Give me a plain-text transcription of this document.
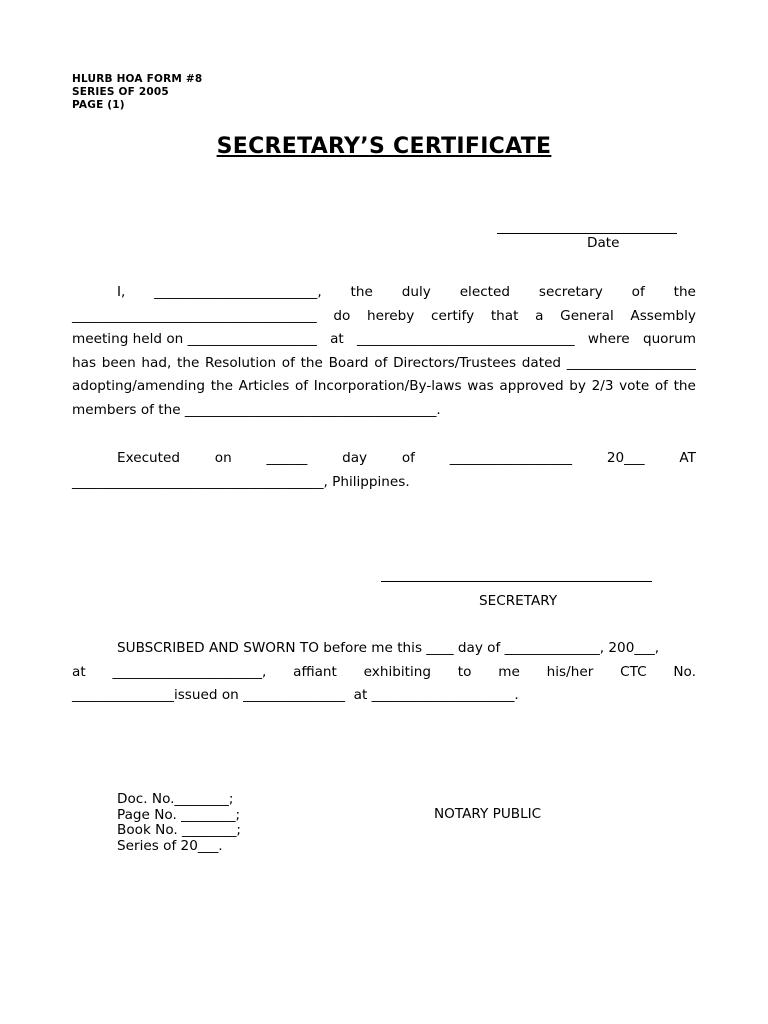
HLURB HOA FORM #8
SERIES OF 2005
PAGE (1)
SECRETARY’S CERTIFICATE
Date
I, ________________________, the duly elected secretary of the
____________________________________ do hereby certify that a General Assembly
meeting held on ___________________ at ________________________________ where quorum
has been had, the Resolution of the Board of Directors/Trustees dated ___________________
adopting/amending the Articles of Incorporation/By-laws was approved by 2/3 vote of the
members of the _____________________________________.
Executed	on	______	day	of	__________________	20___	AT
_____________________________________, Philippines.
SECRETARY
SUBSCRIBED AND SWORN TO before me this ____ day of ______________, 200___,
at ______________________, affiant exhibiting to me his/her CTC No.
_______________issued on _______________  at _____________________.
Doc. No.________;
Page No. ________;
Book No. ________;
Series of 20___.
NOTARY PUBLIC
